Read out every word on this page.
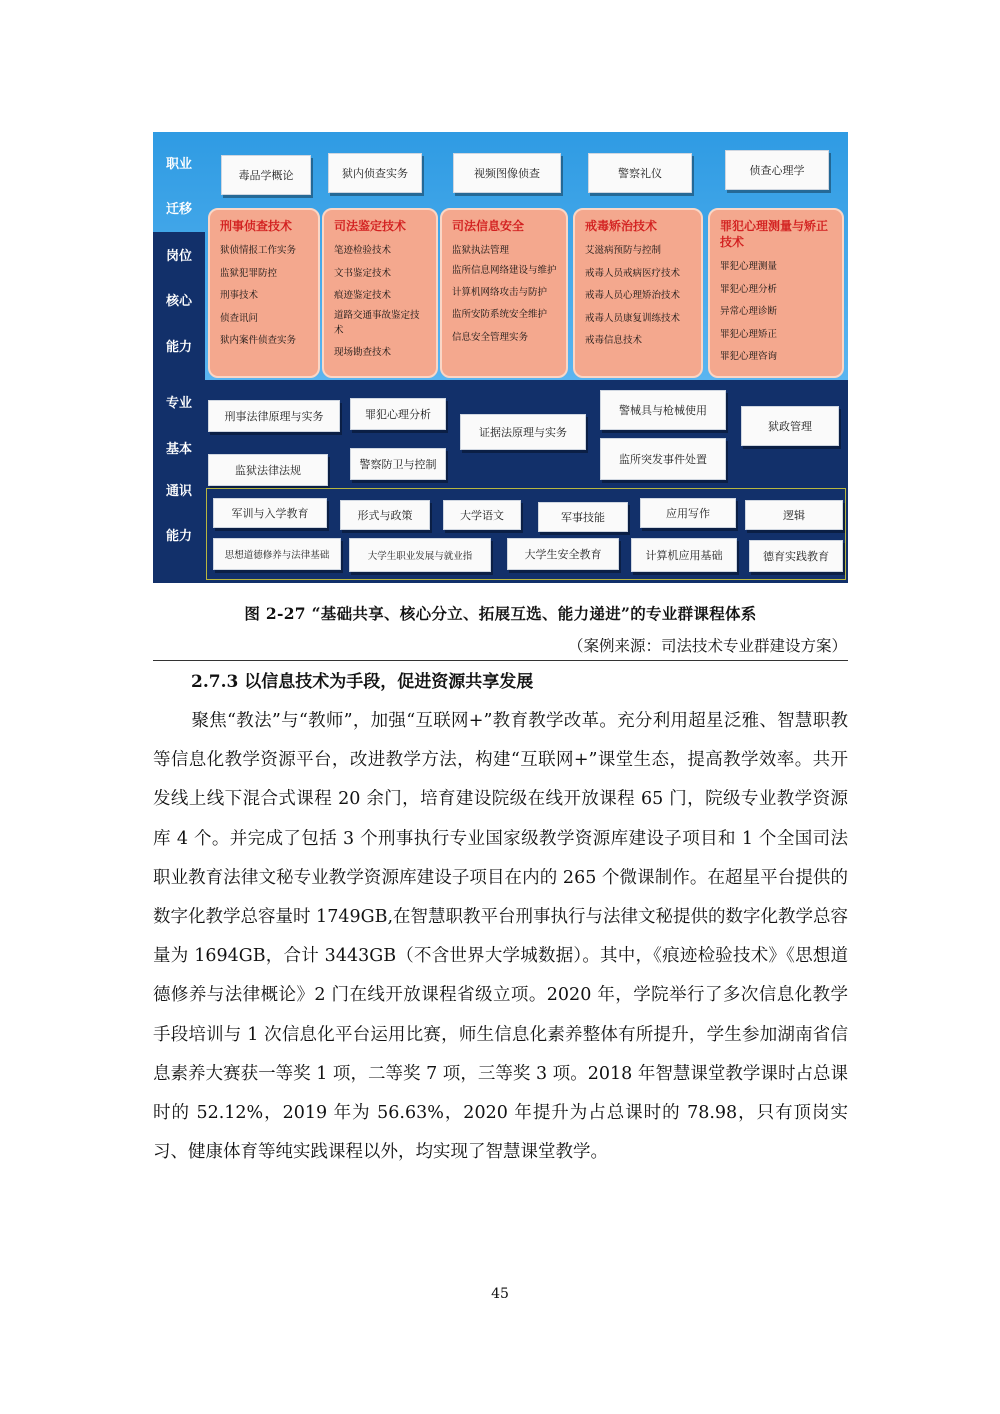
职业
迁移
岗位
核心
能力
专业
基本
通识
能力
毒品学概论	狱内侦查实务	视频图像侦查	警察礼仪	侦查心理学
刑事侦查技术
狱侦情报工作实务
监狱犯罪防控
刑事技术
侦查讯问
狱内案件侦查实务
司法鉴定技术
笔迹检验技术
文书鉴定技术
痕迹鉴定技术
道路交通事故鉴定技术
现场勘查技术
司法信息安全
监狱执法管理
监所信息网络建设与维护
计算机网络攻击与防护
监所安防系统安全维护
信息安全管理实务
戒毒矫治技术
艾滋病预防与控制
戒毒人员戒病医疗技术
戒毒人员心理矫治技术
戒毒人员康复训练技术
戒毒信息技术
罪犯心理测量与矫正技术
罪犯心理测量
罪犯心理分析
异常心理诊断
罪犯心理矫正
罪犯心理咨询
刑事法律原理与实务	罪犯心理分析
证据法原理与实务
警械具与枪械使用
狱政管理
监狱法律法规	警察防卫与控制	监所突发事件处置
军训与入学教育	形式与政策	大学语文	军事技能	应用写作	逻辑
思想道德修养与法律基础	大学生职业发展与就业指	大学生安全教育	计算机应用基础	德育实践教育
图 2-27 “基础共享、核心分立、拓展互选、能力递进”的专业群课程体系
（案例来源：司法技术专业群建设方案）
2.7.3 以信息技术为手段，促进资源共享发展
聚焦“教法”与“教师”，加强“互联网+”教育教学改革。充分利用超星泛雅、智慧职教等信息化教学资源平台，改进教学方法，构建“互联网+”课堂生态，提高教学效率。共开发线上线下混合式课程 20 余门，培育建设院级在线开放课程 65 门，院级专业教学资源库 4 个。并完成了包括 3 个刑事执行专业国家级教学资源库建设子项目和 1 个全国司法职业教育法律文秘专业教学资源库建设子项目在内的 265 个微课制作。在超星平台提供的数字化教学总容量时 1749GB,在智慧职教平台刑事执行与法律文秘提供的数字化教学总容量为 1694GB，合计 3443GB（不含世界大学城数据）。其中，《痕迹检验技术》《思想道德修养与法律概论》2 门在线开放课程省级立项。2020 年，学院举行了多次信息化教学手段培训与 1 次信息化平台运用比赛，师生信息化素养整体有所提升，学生参加湖南省信息素养大赛获一等奖 1 项，二等奖 7 项，三等奖 3 项。2018 年智慧课堂教学课时占总课时的 52.12%，2019 年为 56.63%，2020 年提升为占总课时的 78.98，只有顶岗实习、健康体育等纯实践课程以外，均实现了智慧课堂教学。
45
